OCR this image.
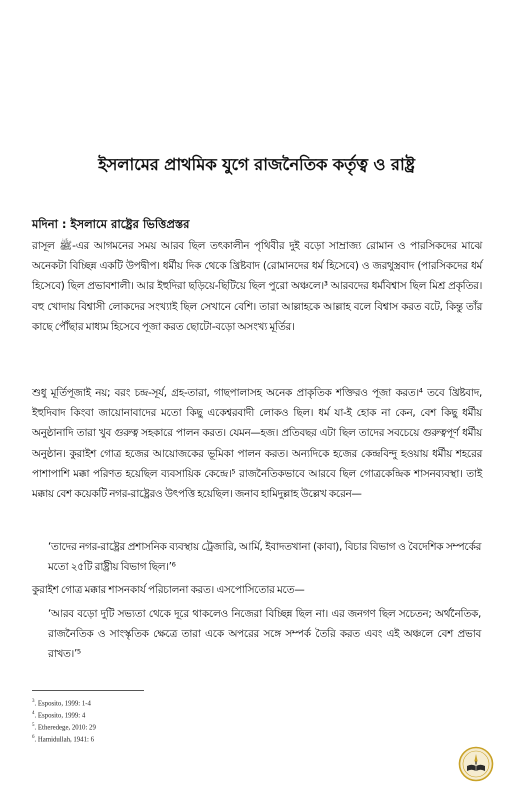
ইসলামের প্রাথমিক যুগে রাজনৈতিক কর্তৃত্ব ও রাষ্ট্র
মদিনা : ইসলামে রাষ্ট্রের ভিত্তিপ্রস্তর

রাসূল ﷺ-এর আগমনের সময় আরব ছিল তৎকালীন পৃথিবীর দুই বড়ো সাম্রাজ্য রোমান ও পারসিকদের মাঝে অনেকটা বিচ্ছিন্ন একটি উপদ্বীপ। ধর্মীয় দিক থেকে খ্রিষ্টবাদ (রোমানদের ধর্ম হিসেবে) ও জরথুস্ত্রবাদ (পারসিকদের ধর্ম হিসেবে) ছিল প্রভাবশালী। আর ইহুদিরা ছড়িয়ে-ছিটিয়ে ছিল পুরো অঞ্চলে।³ আরবদের ধর্মবিশ্বাস ছিল মিশ্র প্রকৃতির। বহু খোদায় বিশ্বাসী লোকদের সংখ্যাই ছিল সেখানে বেশি। তারা আল্লাহকে আল্লাহ বলে বিশ্বাস করত বটে, কিন্তু তাঁর কাছে পৌঁছার মাধ্যম হিসেবে পূজা করত ছোটো-বড়ো অসংখ্য মূর্তির।

শুধু মূর্তিপূজাই নয়; বরং চন্দ্র-সূর্য, গ্রহ-তারা, গাছপালাসহ অনেক প্রাকৃতিক শক্তিরও পূজা করত।⁴ তবে খ্রিষ্টবাদ, ইহুদিবাদ কিংবা জায়োনাবাদের মতো কিছু একেশ্বরবাদী লোকও ছিল। ধর্ম যা-ই হোক না কেন, বেশ কিছু ধর্মীয় অনুষ্ঠানাদি তারা খুব গুরুত্ব সহকারে পালন করত। যেমন—হজ। প্রতিবছর এটা ছিল তাদের সবচেয়ে গুরুত্বপূর্ণ ধর্মীয় অনুষ্ঠান। কুরাইশ গোত্র হজের আয়োজকের ভূমিকা পালন করত। অন্যদিকে হজের কেন্দ্রবিন্দু হওয়ায় ধর্মীয় শহরের পাশাপাশি মক্কা পরিণত হয়েছিল ব্যবসায়িক কেন্দ্রে।⁵ রাজনৈতিকভাবে আরবে ছিল গোত্রকেন্দ্রিক শাসনব্যবস্থা। তাই মক্কায় বেশ কয়েকটি নগর-রাষ্ট্রেরও উৎপত্তি হয়েছিল। জনাব হামিদুল্লাহ উল্লেখ করেন—

‘তাদের নগর-রাষ্ট্রের প্রশাসনিক ব্যবস্থায় ট্রেজারি, আর্মি, ইবাদতখানা (কাবা), বিচার বিভাগ ও বৈদেশিক সম্পর্কের মতো ২৫টি রাষ্ট্রীয় বিভাগ ছিল।’⁶

কুরাইশ গোত্র মক্কার শাসনকার্য পরিচালনা করত। এসপোসিতোর মতে—

‘আরব বড়ো দুটি সভ্যতা থেকে দূরে থাকলেও নিজেরা বিচ্ছিন্ন ছিল না। এর জনগণ ছিল সচেতন; অর্থনৈতিক, রাজনৈতিক ও সাংস্কৃতিক ক্ষেত্রে তারা একে অপরের সঙ্গে সম্পর্ক তৈরি করত এবং এই অঞ্চলে বেশ প্রভাব রাখত।’⁵

$^3$. Esposito, 1999: 1-4
$^4$. Esposito, 1999: 4
$^5$. Etheredege, 2010: 29
$^6$. Hamidullah, 1941: 6
